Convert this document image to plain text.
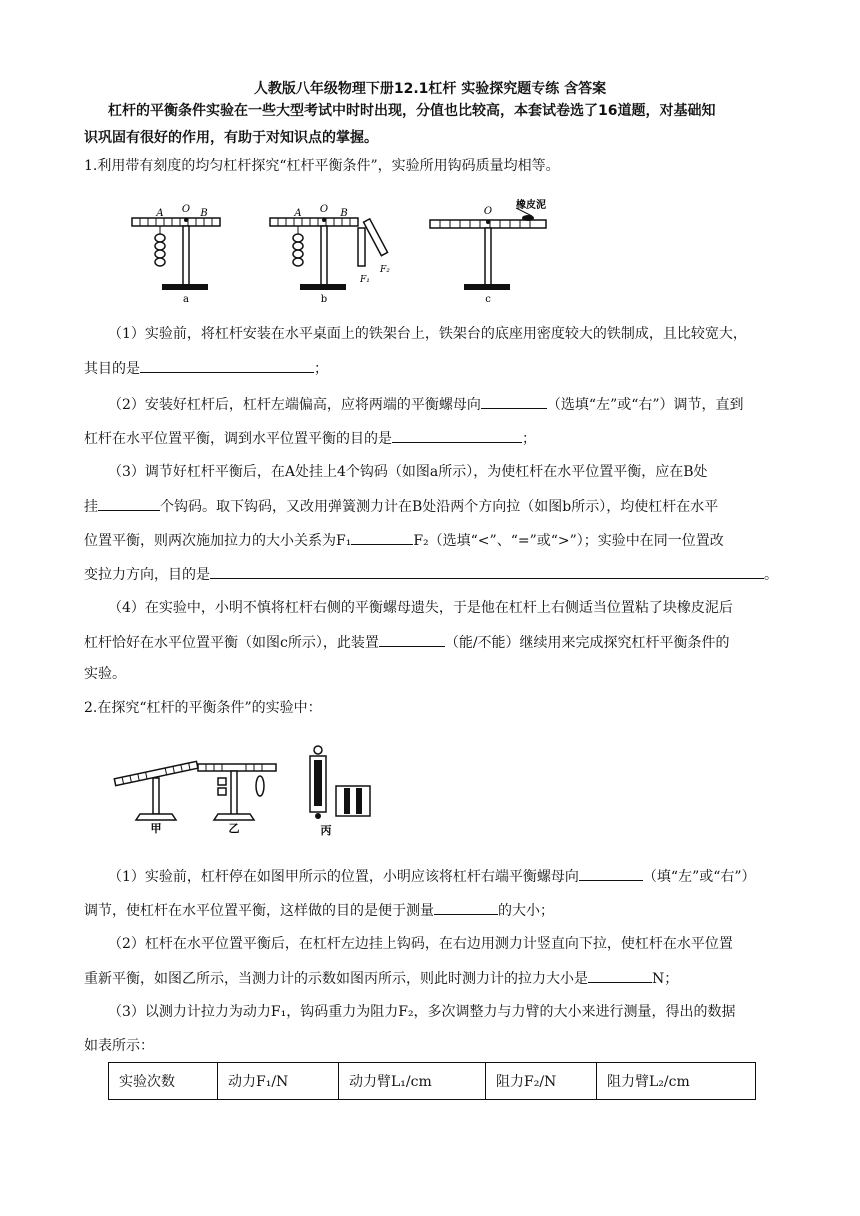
人教版八年级物理下册12.1杠杆 实验探究题专练 含答案
杠杆的平衡条件实验在一些大型考试中时时出现，分值也比较高，本套试卷选了16道题，对基础知
识巩固有很好的作用，有助于对知识点的掌握。
1.利用带有刻度的均匀杠杆探究“杠杆平衡条件”，实验所用钩码质量均相等。
A O B
a
A O B
F₁
F₂
b
O
橡皮泥
c
（1）实验前，将杠杆安装在水平桌面上的铁架台上，铁架台的底座用密度较大的铁制成，且比较宽大，
其目的是	；
（2）安装好杠杆后，杠杆左端偏高，应将两端的平衡螺母向	（选填“左”或“右”）调节，直到
杠杆在水平位置平衡，调到水平位置平衡的目的是	；
（3）调节好杠杆平衡后，在A处挂上4个钩码（如图a所示），为使杠杆在水平位置平衡，应在B处
挂	个钩码。取下钩码，又改用弹簧测力计在B处沿两个方向拉（如图b所示），均使杠杆在水平
位置平衡，则两次施加拉力的大小关系为F₁	F₂（选填“<”、“=”或“>”）；实验中在同一位置改
变拉力方向，目的是	。
（4）在实验中，小明不慎将杠杆右侧的平衡螺母遗失，于是他在杠杆上右侧适当位置粘了块橡皮泥后
杠杆恰好在水平位置平衡（如图c所示），此装置	（能/不能）继续用来完成探究杠杆平衡条件的
实验。
2.在探究“杠杆的平衡条件”的实验中：
甲	乙	丙
（1）实验前，杠杆停在如图甲所示的位置，小明应该将杠杆右端平衡螺母向	（填“左”或“右”）
调节，使杠杆在水平位置平衡，这样做的目的是便于测量	的大小；
（2）杠杆在水平位置平衡后，在杠杆左边挂上钩码，在右边用测力计竖直向下拉，使杠杆在水平位置
重新平衡，如图乙所示，当测力计的示数如图丙所示，则此时测力计的拉力大小是	N；
（3）以测力计拉力为动力F₁，钩码重力为阻力F₂，多次调整力与力臂的大小来进行测量，得出的数据
实验次数	动力F₁/N	动力臂L₁/cm	阻力F₂/N	阻力臂L₂/cm
如表所示：
